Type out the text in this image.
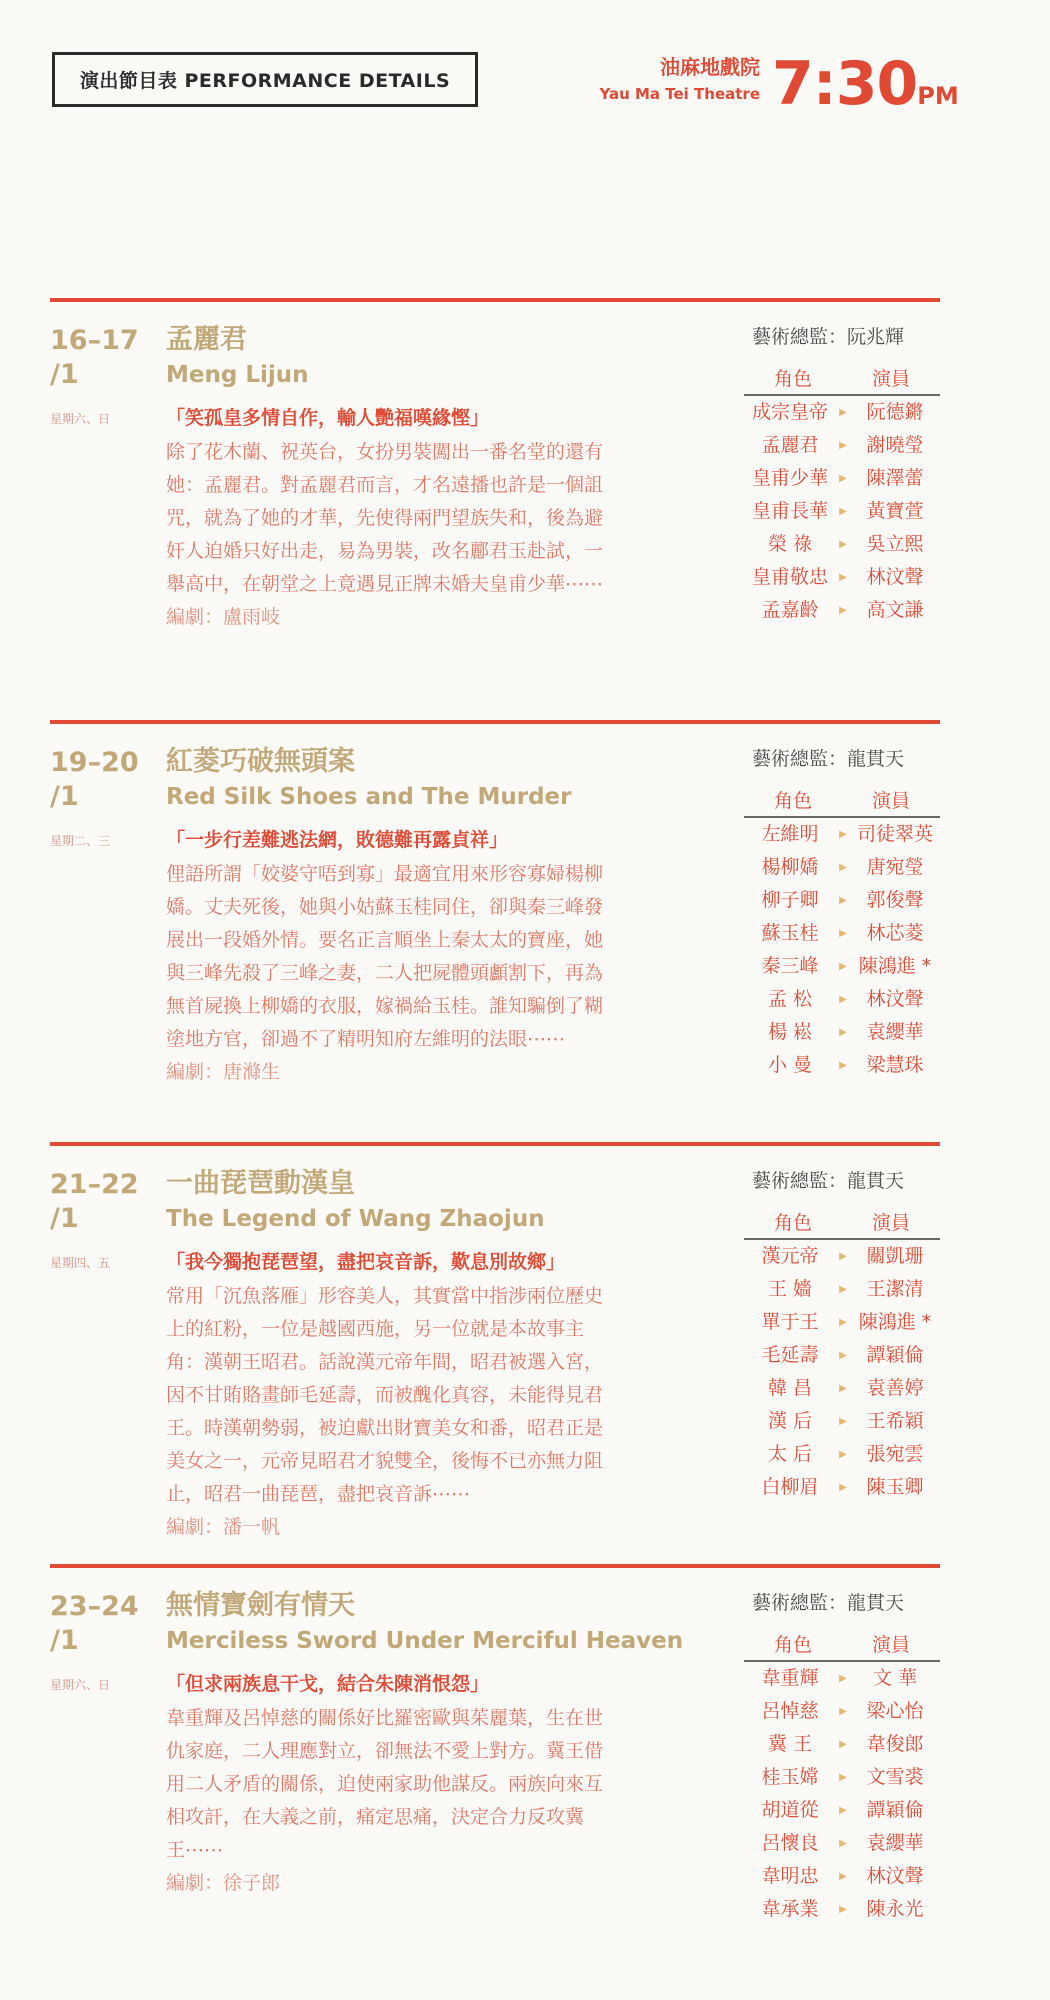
演出節目表 PERFORMANCE DETAILS
油麻地戲院
Yau Ma Tei Theatre 7:30PM
16–17
/1
星期六、日
孟麗君
Meng Lijun
「笑孤皇多情自作，輸人艷福嘆緣慳」
除了花木蘭、祝英台，女扮男裝闖出一番名堂的還有她：孟麗君。對孟麗君而言，才名遠播也許是一個詛咒，就為了她的才華，先使得兩門望族失和，後為避奸人迫婚只好出走，易為男裝，改名酈君玉赴試，一舉高中，在朝堂之上竟遇見正牌未婚夫皇甫少華⋯⋯
編劇：盧雨岐
藝術總監：阮兆輝
角色	演員
成宗皇帝	▶	阮德鏘
孟麗君	▶	謝曉瑩
皇甫少華	▶	陳澤蕾
皇甫長華	▶	黃寶萱
榮 祿	▶	吳立熙
皇甫敬忠	▶	林汶聲
孟嘉齡	▶	高文謙
19–20
/1
星期二、三
紅菱巧破無頭案
Red Silk Shoes and The Murder
「一步行差難逃法網，敗德難再露貞祥」
俚語所謂「姣婆守唔到寡」最適宜用來形容寡婦楊柳嬌。丈夫死後，她與小姑蘇玉桂同住，卻與秦三峰發展出一段婚外情。要名正言順坐上秦太太的寶座，她與三峰先殺了三峰之妻，二人把屍體頭顱割下，再為無首屍換上柳嬌的衣服，嫁禍給玉桂。誰知騙倒了糊塗地方官，卻過不了精明知府左維明的法眼⋯⋯
編劇：唐滌生
藝術總監：龍貫天
角色	演員
左維明	▶ 司徒翠英
楊柳嬌	▶	唐宛瑩
柳子卿	▶	郭俊聲
蘇玉桂	▶	林芯菱
秦三峰	▶ 陳鴻進 *
孟 松	▶	林汶聲
楊 崧	▶	袁纓華
小 曼	▶	梁慧珠
21–22
/1
星期四、五
一曲琵琶動漢皇
The Legend of Wang Zhaojun
「我今獨抱琵琶望，盡把哀音訴，歎息別故鄉」
常用「沉魚落雁」形容美人，其實當中指涉兩位歷史上的紅粉，一位是越國西施，另一位就是本故事主角：漢朝王昭君。話說漢元帝年間，昭君被選入宮，因不甘賄賂畫師毛延壽，而被醜化真容，未能得見君王。時漢朝勢弱，被迫獻出財寶美女和番，昭君正是美女之一，元帝見昭君才貌雙全，後悔不已亦無力阻止，昭君一曲琵琶，盡把哀音訴⋯⋯
編劇：潘一帆
藝術總監：龍貫天
角色	演員
漢元帝	▶	關凱珊
王 嬙	▶	王潔清
單于王	▶ 陳鴻進 *
毛延壽	▶	譚穎倫
韓 昌	▶	袁善婷
漢 后	▶	王希穎
太 后	▶	張宛雲
白柳眉	▶	陳玉卿
23–24
/1
星期六、日
無情寶劍有情天
Merciless Sword Under Merciful Heaven
「但求兩族息干戈，結合朱陳消恨怨」
韋重輝及呂悼慈的關係好比羅密歐與茱麗葉，生在世仇家庭，二人理應對立，卻無法不愛上對方。冀王借用二人矛盾的關係，迫使兩家助他謀反。兩族向來互相攻訐，在大義之前，痛定思痛，決定合力反攻冀王⋯⋯
編劇：徐子郎
藝術總監：龍貫天
角色	演員
韋重輝	▶	文 華
呂悼慈	▶	梁心怡
冀 王	▶	韋俊郎
桂玉嫦	▶	文雪裘
胡道從	▶	譚穎倫
呂懷良	▶	袁纓華
韋明忠	▶	林汶聲
韋承業	▶	陳永光
